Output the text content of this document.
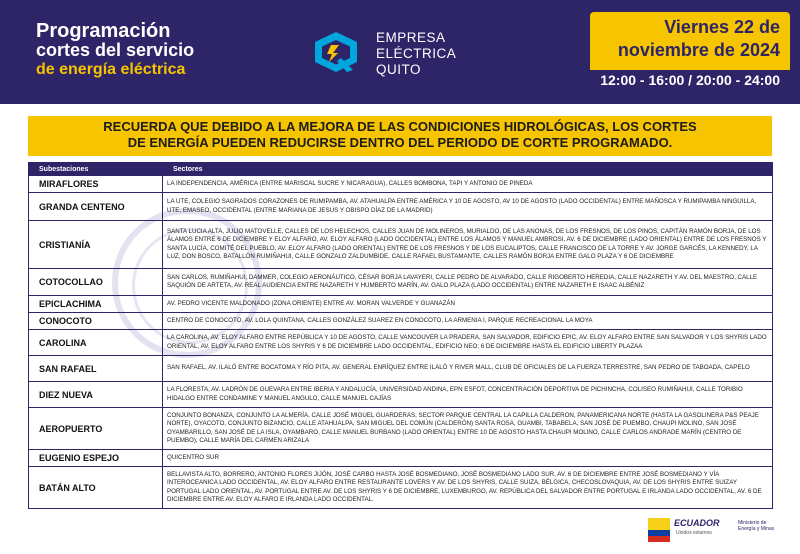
Programación
cortes del servicio
de energía eléctrica
EMPRESA
ELÉCTRICA
QUITO
Viernes 22 de
noviembre de 2024
12:00 - 16:00 / 20:00 - 24:00
RECUERDA QUE DEBIDO A LA MEJORA DE LAS CONDICIONES HIDROLÓGICAS, LOS CORTES
DE ENERGÍA PUEDEN REDUCIRSE DENTRO DEL PERIODO DE CORTE PROGRAMADO.
Subestaciones	Sectores
MIRAFLORES	LA INDEPENDENCIA, AMÉRICA (ENTRE MARISCAL SUCRE Y NICARAGUA), CALLES BOMBONA, TAPI Y ANTONIO DE PINEDA
GRANDA CENTENO	LA UTE, COLEGIO SAGRADOS CORAZONES DE RUMIPAMBA, AV. ATAHUALPA ENTRE AMÉRICA Y 10 DE AGOSTO, AV 10 DE AGOSTO (LADO OCCIDENTAL) ENTRE MAÑOSCA Y RUMIPAMBA NINGUILLA, UTE, EMASEO, OCCIDENTAL (ENTRE MARIANA DE JESUS Y OBISPO DÍAZ DE LA MADRID)
CRISTIANÍA	SANTA LUCIA ALTA, JULIO MATOVELLE, CALLES DE LOS HELECHOS, CALLES JUAN DE MOLINEROS, MURIALDO, DE LAS ANONAS, DE LOS FRESNOS, DE LOS PINOS, CAPITÁN RAMÓN BORJA, DE LOS ÁLAMOS ENTRE 6 DE DICIEMBRE Y ELOY ALFARO, AV. ELOY ALFARO (LADO OCCIDENTAL) ENTRE LOS ÁLAMOS Y MANUEL AMBROSI, AV. 6 DE DICIEMBRE (LADO ORIENTAL) ENTRE DE LOS FRESNOS Y SANTA LUCÍA, COMITÉ DEL PUEBLO, AV. ELOY ALFARO (LADO ORIENTAL) ENTRE DE LOS FRESNOS Y DE LOS EUCALIPTOS, CALLE FRANCISCO DE LA TORRE Y AV. JORGE GARCÉS, LA KENNEDY, LA LUZ, DON BOSCO, BATALLÓN RUMIÑAHUI, CALLE GONZALO ZALDUMBIDE, CALLE RAFAEL BUSTAMANTE, CALLES RAMÓN BORJA ENTRE GALO PLAZA Y 6 DE DICIEMBRE
COTOCOLLAO	SAN CARLOS, RUMIÑAHUI, DAMMER, COLEGIO AERONÁUTICO, CÉSAR BORJA LAVAYERI, CALLE PEDRO DE ALVARADO, CALLE RIGOBERTO HEREDIA, CALLE NAZARETH Y AV. DEL MAESTRO, CALLE SAQUIÓN DE ARTETA, AV. REAL AUDIENCIA ENTRE NAZARETH Y HUMBERTO MARÍN, AV. GALO PLAZA (LADO OCCIDENTAL) ENTRE NAZARETH E ISAAC ALBÉNIZ
EPICLACHIMA	AV. PEDRO VICENTE MALDONADO (ZONA ORIENTE) ENTRE AV. MORAN VALVERDE Y GUANAZÁN
CONOCOTO	CENTRO DE CONOCOTO, AV. LOLA QUINTANA, CALLES GONZÁLEZ SUAREZ EN CONOCOTO, LA ARMENIA I, PARQUE RECREACIONAL LA MOYA
CAROLINA	LA CAROLINA, AV. ELOY ALFARO ENTRE REPÚBLICA Y 10 DE AGOSTO, CALLE VANCOUVER LA PRADERA, SAN SALVADOR, EDIFICIO EPIC, AV. ELOY ALFARO ENTRE SAN SALVADOR Y LOS SHYRIS LADO ORIENTAL, AV. ELOY ALFARO ENTRE LOS SHYRIS Y 6 DE DICIEMBRE LADO OCCIDENTAL, EDIFICIO NEO; 6 DE DICIEMBRE HASTA EL EDIFICIO LIBERTY PLAZAA
SAN RAFAEL	SAN RAFAEL, AV. ILALÓ ENTRE BOCATOMA Y RÍO PITA, AV. GENERAL ENRÍQUEZ ENTRE ILALÓ Y RIVER MALL, CLUB DE OFICIALES DE LA FUERZA TERRESTRE, SAN PEDRO DE TABOADA, CAPELO
DIEZ NUEVA	LA FLORESTA, AV. LADRÓN DE GUEVARA ENTRE IBERIA Y ANDALUCÍA, UNIVERSIDAD ANDINA, EPN ESFOT, CONCENTRACIÓN DEPORTIVA DE PICHINCHA, COLISEO RUMIÑAHUI, CALLE TORIBIO HIDALGO ENTRE CONDAMINE Y MANUEL ANGULO, CALLE MANUEL CAJÍAS
AEROPUERTO	CONJUNTO BONANZA, CONJUNTO LA ALMERÍA, CALLE JOSÉ MIGUEL GUARDERAS, SECTOR PARQUE CENTRAL LA CAPILLA CALDERON, PANAMERICANA NORTE (HASTA LA GASOLINERA P&S PEAJE NORTE), OYACOTO, CONJUNTO BIZANCIO, CALLE ATAHUALPA, SAN MIGUEL DEL COMÚN (CALDERÓN) SANTA ROSA, GUAMBI, TABABELA, SAN JOSÉ DE PUEMBO, CHAUPI MOLINO, SAN JOSÉ OYAMBARILLO, SAN JOSÉ DE LA ISLA, OYAMBARO, CALLE MANUEL BURBANO (LADO ORIENTAL) ENTRE 10 DE AGOSTO HASTA CHAUPI MOLINO, CALLE CARLOS ANDRADE MARÍN (CENTRO DE PUEMBO), CALLE MARÍA DEL CARMEN ARIZALA
EUGENIO ESPEJO	QUICENTRO SUR
BATÁN ALTO	BELLAVISTA ALTO, BORRERO, ANTONIO FLORES JIJÓN, JOSÉ CARBO HASTA JOSÉ BOSMEDIANO, JOSÉ BOSMEDIANO LADO SUR, AV. 6 DE DICIEMBRE ENTRE JOSÉ BOSMEDIANO Y VÍA INTEROCEANICA LADO OCCIDENTAL, AV. ELOY ALFARO ENTRE RESTAURANTE LOVERS Y AV. DE LOS SHYRIS, CALLE SUIZA, BÉLGICA, CHECOSLOVAQUIA, AV. DE LOS SHYRIS ENTRE SUIZAY PORTUGAL LADO ORIENTAL, AV. PORTUGAL ENTRE AV. DE LOS SHYRIS Y 6 DE DICIEMBRE, LUXEMBURGO, AV. REPÚBLICA DEL SALVADOR ENTRE PORTUGAL E IRLANDA LADO OCCIDENTAL, AV. 6 DE DICIEMBRE ENTRE AV. ELOY ALFARO E IRLANDA LADO OCCIDENTAL.
ECUADOR
Unidos estamos
Ministerio de Energía y Minas
